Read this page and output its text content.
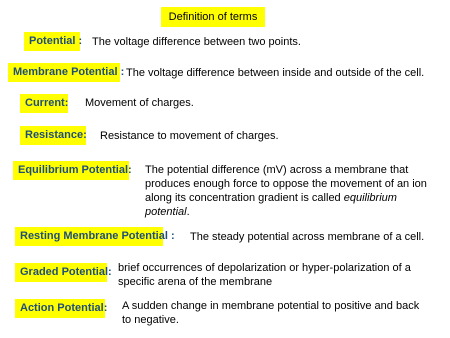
Definition of terms
Potential : The voltage difference between two points.
Membrane Potential : The voltage difference between inside and outside of the cell.
Current: Movement of charges.
Resistance: Resistance to movement of charges.
Equilibrium Potential: The potential difference (mV) across a membrane that produces enough force to oppose the movement of an ion along its concentration gradient is called equilibrium potential.
Resting Membrane Potential : The steady potential across membrane of a cell.
Graded Potential: brief occurrences of depolarization or hyper-polarization of a specific arena of the membrane
Action Potential: A sudden change in membrane potential to positive and back to negative.
